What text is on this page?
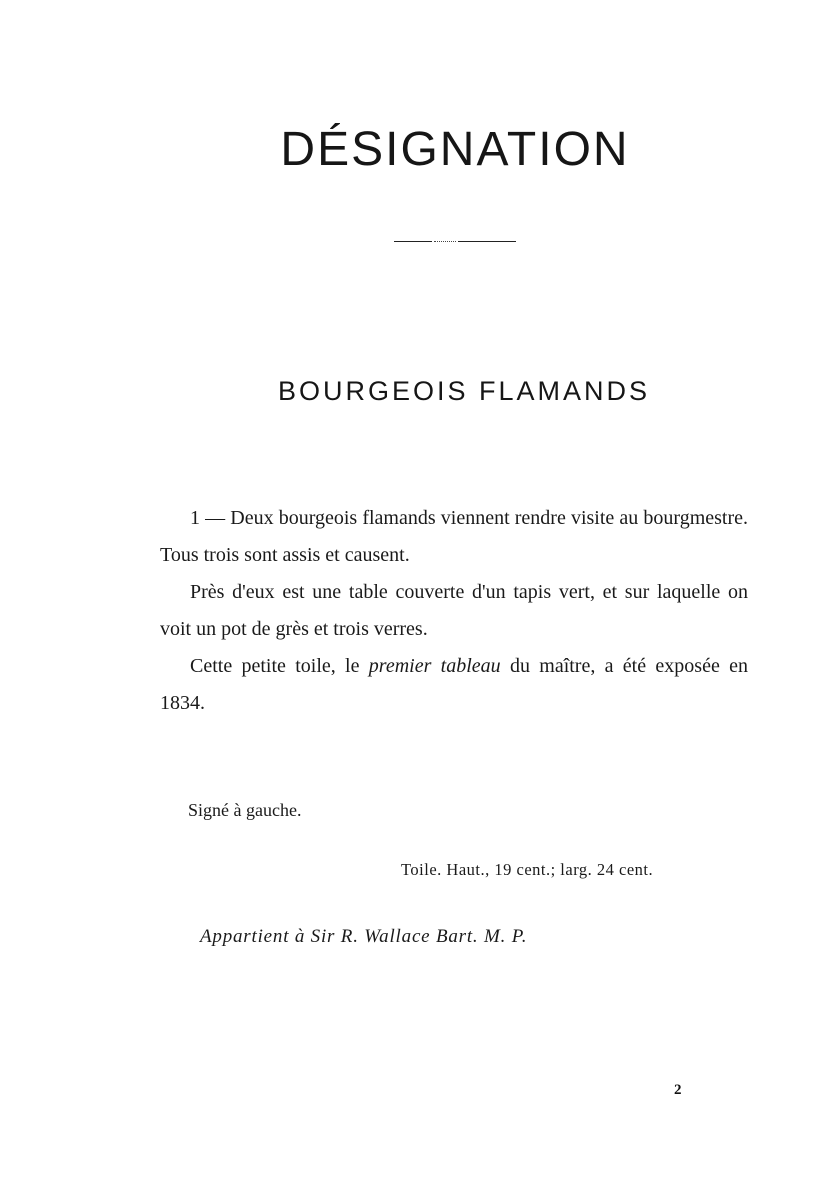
DÉSIGNATION
BOURGEOIS FLAMANDS

1 — Deux bourgeois flamands viennent rendre visite au bourgmestre. Tous trois sont assis et causent.

Près d'eux est une table couverte d'un tapis vert, et sur laquelle on voit un pot de grès et trois verres.

Cette petite toile, le premier tableau du maître, a été exposée en 1834.

Signé à gauche.

Toile. Haut., 19 cent.; larg. 24 cent.

Appartient à Sir R. Wallace Bart. M. P.

2
